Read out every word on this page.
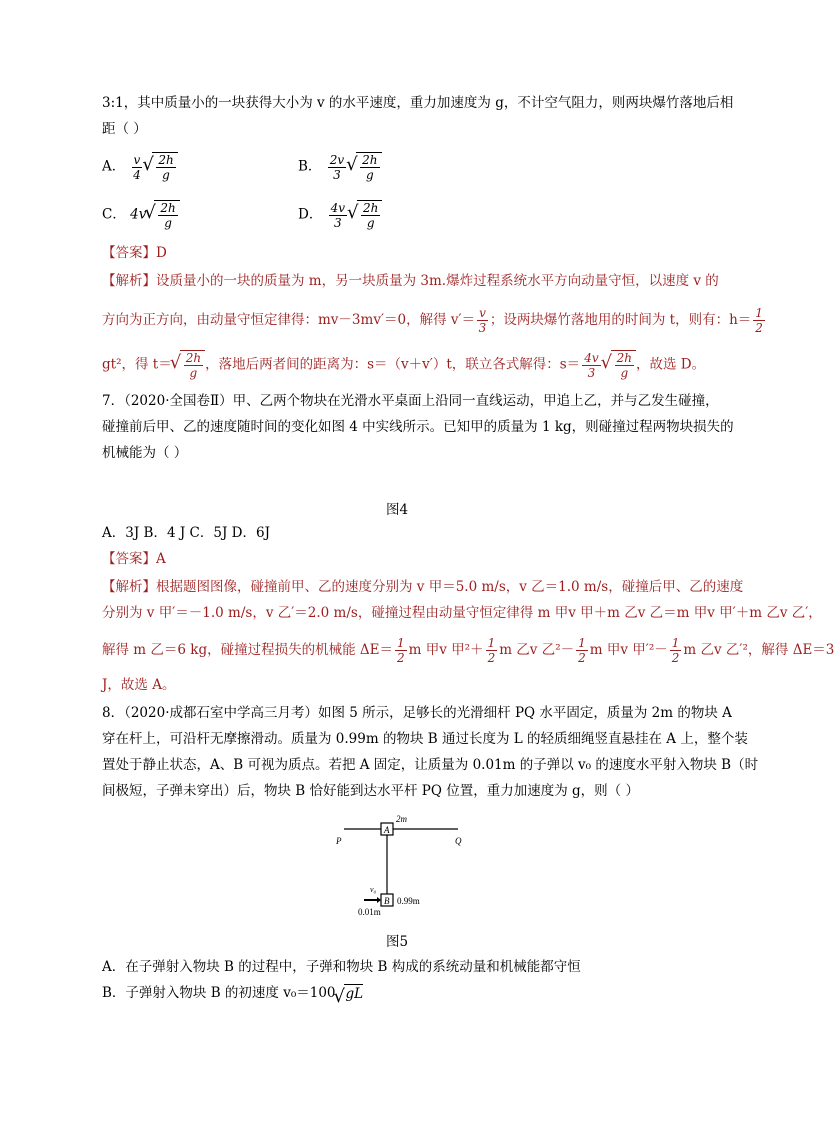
3:1，其中质量小的一块获得大小为 v 的水平速度，重力加速度为 g，不计空气阻力，则两块爆竹落地后相
距（ ）
A． $\frac{v}{4}$ √ $\frac{2h}{g}$	B． $\frac{2v}{3}$ √ $\frac{2h}{g}$
C． 4v √ $\frac{2h}{g}$	D． $\frac{4v}{3}$ √ $\frac{2h}{g}$
【答案】D
【解析】设质量小的一块的质量为 m，另一块质量为 3m.爆炸过程系统水平方向动量守恒，以速度 v 的
方向为正方向，由动量守恒定律得：mv－3mv′＝0，解得 $v'= \frac{v}{3}$ ；设两块爆竹落地用的时间为 t，则有：$h= \frac{1}{2}$
gt²，得 t＝ √ $\frac{2h}{g}$ ，落地后两者间的距离为：s＝（v＋v′）t，联立各式解得：$s= \frac{4v}{3}$ √ $\frac{2h}{g}$ ，故选 D。
7．（2020·全国卷Ⅱ）甲、乙两个物块在光滑水平桌面上沿同一直线运动，甲追上乙，并与乙发生碰撞，
碰撞前后甲、乙的速度随时间的变化如图 4 中实线所示。已知甲的质量为 1 kg，则碰撞过程两物块损失的
机械能为（ ）
图4
A．3J B．4 J C．5J D．6J
【答案】A
【解析】根据题图图像，碰撞前甲、乙的速度分别为 v 甲＝5.0 m/s，v 乙＝1.0 m/s，碰撞后甲、乙的速度
分别为 v 甲′＝－1.0 m/s，v 乙′＝2.0 m/s，碰撞过程由动量守恒定律得 m 甲v 甲＋m 乙v 乙＝m 甲v 甲′＋m 乙v 乙′，
解得 m 乙＝6 kg，碰撞过程损失的机械能 $\Delta E= \frac{1}{2}$ m 甲v 甲$^2+ \frac{1}{2}$ m 乙v 乙$^2- \frac{1}{2}$ m 甲v 甲$'^2- \frac{1}{2}$ m 乙v 乙′²，解得 ΔE＝3
J，故选 A。
8．（2020·成都石室中学高三月考）如图 5 所示，足够长的光滑细杆 PQ 水平固定，质量为 2m 的物块 A
穿在杆上，可沿杆无摩擦滑动。质量为 0.99m 的物块 B 通过长度为 L 的轻质细绳竖直悬挂在 A 上，整个装
置处于静止状态，A、B 可视为质点。若把 A 固定，让质量为 0.01m 的子弹以 v₀ 的速度水平射入物块 B（时
间极短，子弹未穿出）后，物块 B 恰好能到达水平杆 PQ 位置，重力加速度为 g，则（ ）
A
2m
P	Q
B 0.99m
v₀
0.01m
图5
A．在子弹射入物块 B 的过程中，子弹和物块 B 构成的系统动量和机械能都守恒
B．子弹射入物块 B 的初速度 v₀＝100 √ gL
